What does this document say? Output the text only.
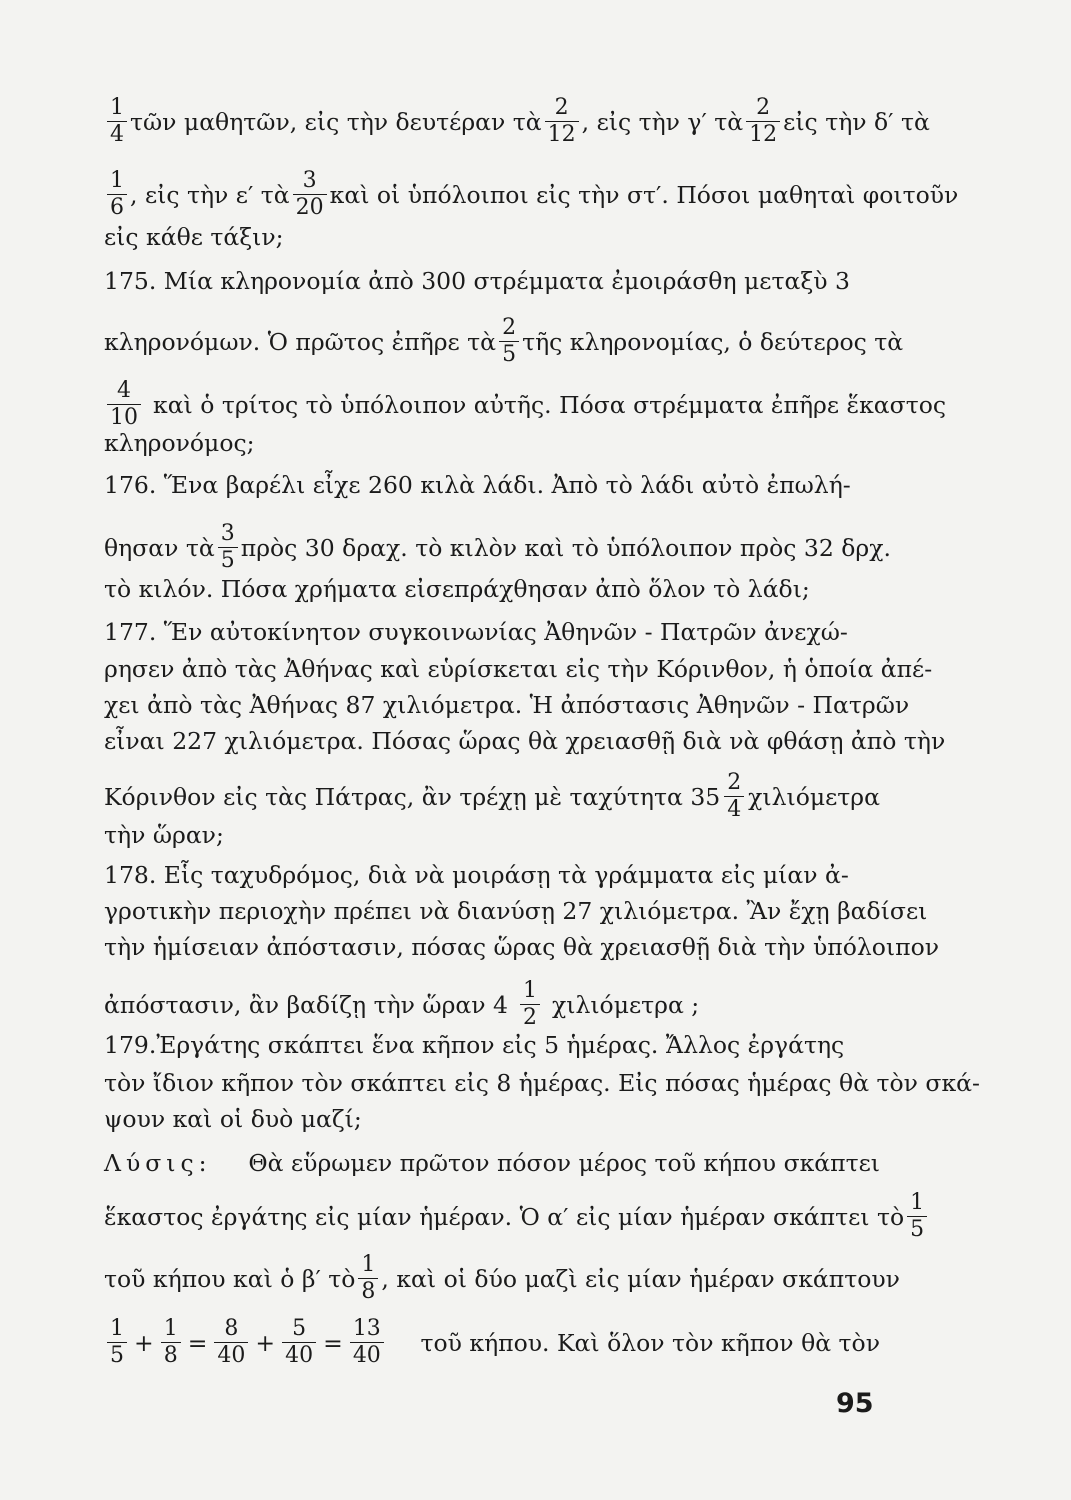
$\frac{1}{4}$ τῶν μαθητῶν, εἰς τὴν δευτέραν τὰ $\frac{2}{12}$ , εἰς τὴν γ′ τὰ $\frac{2}{12}$ εἰς τὴν δ′ τὰ
$\frac{1}{6}$ , εἰς τὴν ε′ τὰ $\frac{3}{20}$ καὶ οἱ ὑπόλοιποι εἰς τὴν στ′. Πόσοι μαθηταὶ φοιτοῦν
εἰς κάθε τάξιν;
175. Μία κληρονομία ἀπὸ 300 στρέμματα ἐμοιράσθη μεταξὺ 3
κληρονόμων. Ὁ πρῶτος ἐπῆρε τὰ $\frac{2}{5}$ τῆς κληρονομίας, ὁ δεύτερος τὰ
$\frac{4}{10}$ καὶ ὁ τρίτος τὸ ὑπόλοιπον αὐτῆς. Πόσα στρέμματα ἐπῆρε ἕκαστος
κληρονόμος;
176. Ἕνα βαρέλι εἶχε 260 κιλὰ λάδι. Ἀπὸ τὸ λάδι αὐτὸ ἐπωλή-
θησαν τὰ $\frac{3}{5}$ πρὸς 30 δραχ. τὸ κιλὸν καὶ τὸ ὑπόλοιπον πρὸς 32 δρχ.
τὸ κιλόν. Πόσα χρήματα εἰσεπράχθησαν ἀπὸ ὅλον τὸ λάδι;
177. Ἕν αὐτοκίνητον συγκοινωνίας Ἀθηνῶν - Πατρῶν ἀνεχώ-
ρησεν ἀπὸ τὰς Ἀθήνας καὶ εὑρίσκεται εἰς τὴν Κόρινθον, ἡ ὁποία ἀπέ-
χει ἀπὸ τὰς Ἀθήνας 87 χιλιόμετρα. Ἡ ἀπόστασις Ἀθηνῶν - Πατρῶν
εἶναι 227 χιλιόμετρα. Πόσας ὥρας θὰ χρειασθῇ διὰ νὰ φθάσῃ ἀπὸ τὴν
Κόρινθον εἰς τὰς Πάτρας, ἂν τρέχῃ μὲ ταχύτητα $35 \frac{2}{4}$ χιλιόμετρα
τὴν ὥραν;
178. Εἷς ταχυδρόμος, διὰ νὰ μοιράσῃ τὰ γράμματα εἰς μίαν ἀ-
γροτικὴν περιοχὴν πρέπει νὰ διανύσῃ 27 χιλιόμετρα. Ἂν ἔχῃ βαδίσει
τὴν ἡμίσειαν ἀπόστασιν, πόσας ὥρας θὰ χρειασθῇ διὰ τὴν ὑπόλοιπον
ἀπόστασιν, ἂν βαδίζῃ τὴν ὥραν $4 \frac{1}{2}$ χιλιόμετρα ;
179.Ἐργάτης σκάπτει ἕνα κῆπον εἰς 5 ἡμέρας. Ἄλλος ἐργάτης
τὸν ἴδιον κῆπον τὸν σκάπτει εἰς 8 ἡμέρας. Εἰς πόσας ἡμέρας θὰ τὸν σκά-
ψουν καὶ οἱ δυὸ μαζί;
Λύσις: Θὰ εὕρωμεν πρῶτον πόσον μέρος τοῦ κήπου σκάπτει
ἕκαστος ἐργάτης εἰς μίαν ἡμέραν. Ὁ α′ εἰς μίαν ἡμέραν σκάπτει τὸ $\frac{1}{5}$
τοῦ κήπου καὶ ὁ β′ τὸ $\frac{1}{8}$ , καὶ οἱ δύο μαζὶ εἰς μίαν ἡμέραν σκάπτουν
$\frac{1}{5} + \frac{1}{8} = \frac{8}{40} + \frac{5}{40} = \frac{13}{40}$ τοῦ κήπου. Καὶ ὅλον τὸν κῆπον θὰ τὸν
95
